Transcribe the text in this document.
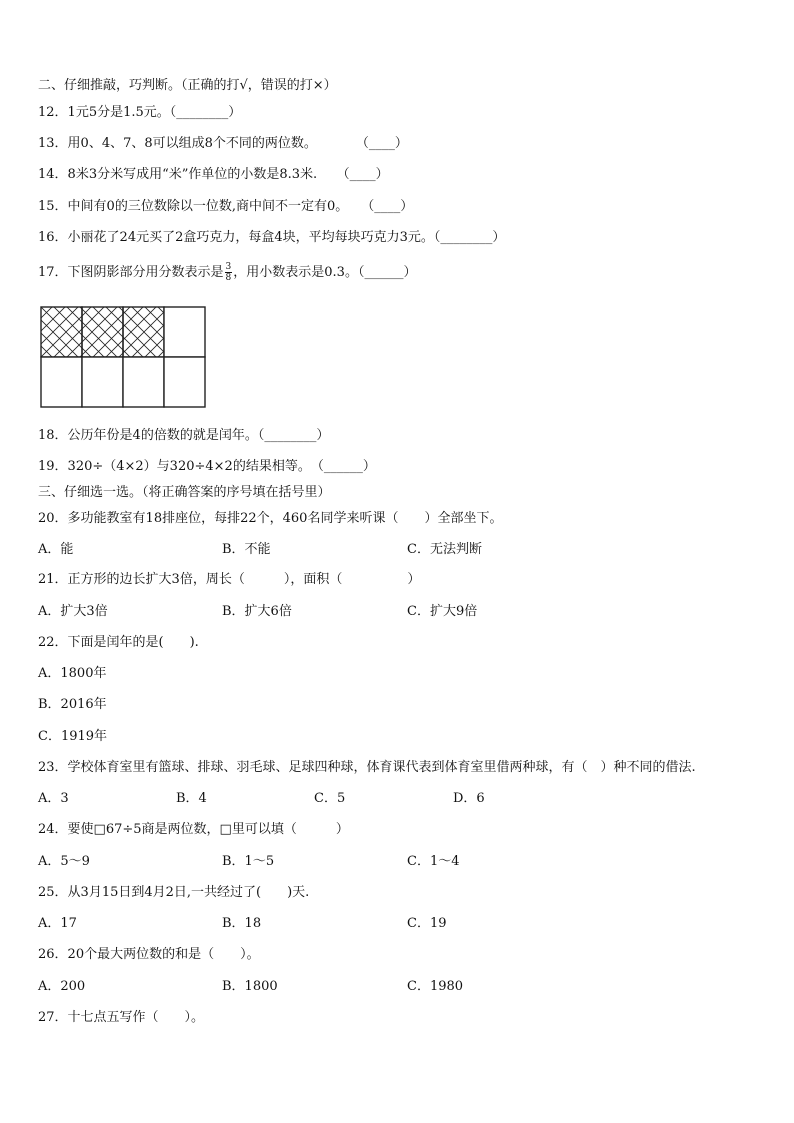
二、仔细推敲，巧判断。（正确的打√，错误的打×）
12．1元5分是1.5元。（________）
13．用0、4、7、8可以组成8个不同的两位数。　　　　（____）
14．8米3分米写成用“米”作单位的小数是8.3米.　　（____）
15．中间有0的三位数除以一位数,商中间不一定有0。　　（____）
16．小丽花了24元买了2盒巧克力，每盒4块，平均每块巧克力3元。（________）
17．下图阴影部分用分数表示是 $\frac{3}{8}$ ，用小数表示是0.3。（______）
18．公历年份是4的倍数的就是闰年。（________）
19．320÷（4×2）与320÷4×2的结果相等。　（______）
三、仔细选一选。（将正确答案的序号填在括号里）
20．多功能教室有18排座位，每排22个，460名同学来听课（　　）全部坐下。
A．能	B．不能	C．无法判断
21．正方形的边长扩大3倍，周长（　　　），面积（　　　　　）
A．扩大3倍	B．扩大6倍	C．扩大9倍
22．下面是闰年的是(　　).
A．1800年
B．2016年
C．1919年
23．学校体育室里有篮球、排球、羽毛球、足球四种球，体育课代表到体育室里借两种球，有（　）种不同的借法.
A．3	B．4	C．5	D．6
24．要使□67÷5商是两位数，□里可以填（　　　）
A．5～9	B．1～5	C．1～4
25．从3月15日到4月2日,一共经过了(　　)天.
A．17	B．18	C．19
26．20个最大两位数的和是（　　）。
A．200	B．1800	C．1980
27．十七点五写作（　　）。
